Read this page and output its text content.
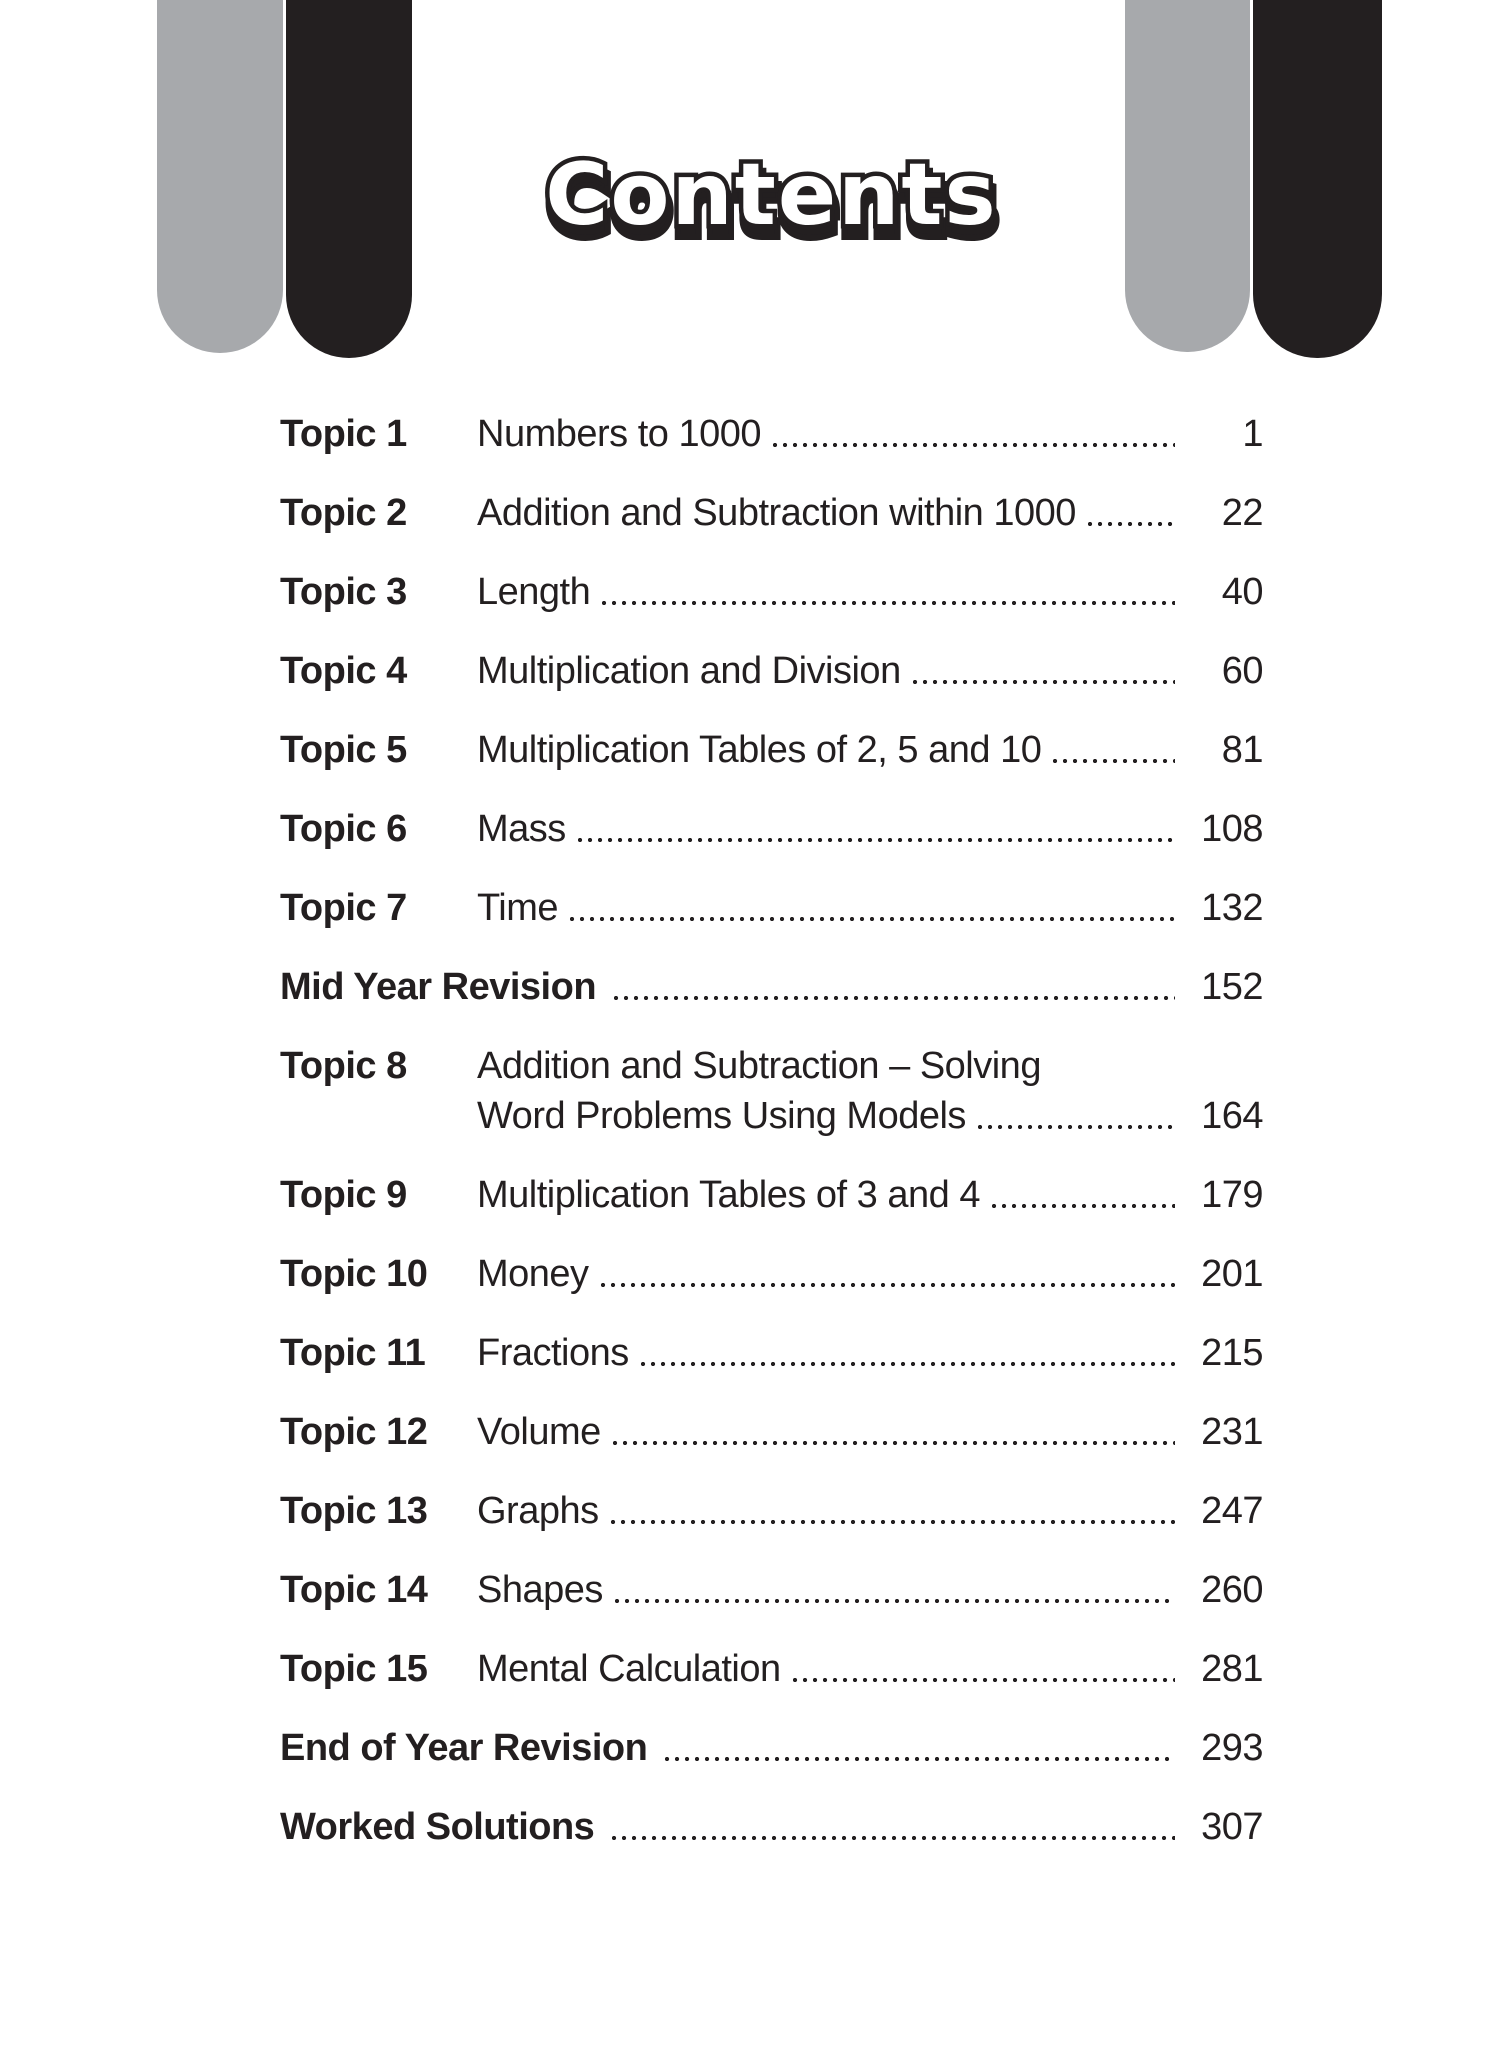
Contents Contents
Topic 1	Numbers to 1000	1
Topic 2	Addition and Subtraction within 1000	22
Topic 3	Length	40
Topic 4	Multiplication and Division	60
Topic 5	Multiplication Tables of 2, 5 and 10	81
Topic 6	Mass	108
Topic 7	Time	132
Mid Year Revision	152
Topic 8	Addition and Subtraction – Solving
Word Problems Using Models	164
Topic 9	Multiplication Tables of 3 and 4	179
Topic 10	Money	201
Topic 11	Fractions	215
Topic 12	Volume	231
Topic 13	Graphs	247
Topic 14	Shapes	260
Topic 15	Mental Calculation	281
End of Year Revision	293
Worked Solutions	307
